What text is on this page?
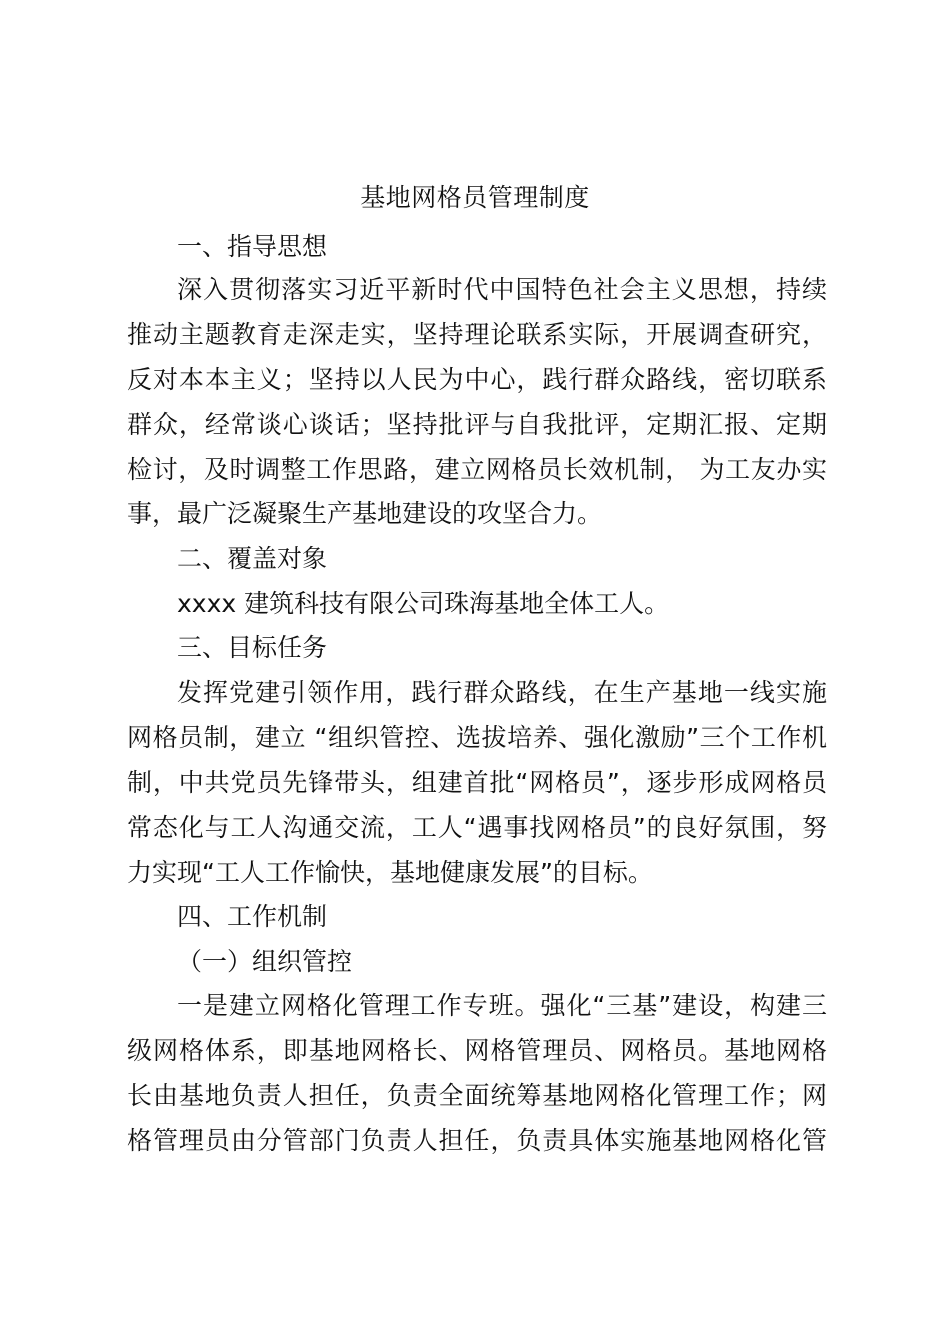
基地网格员管理制度
一、指导思想
深入贯彻落实习近平新时代中国特色社会主义思想，持续
推动主题教育走深走实，坚持理论联系实际，开展调查研究，
反对本本主义；坚持以人民为中心，践行群众路线，密切联系
群众，经常谈心谈话；坚持批评与自我批评，定期汇报、定期
检讨，及时调整工作思路，建立网格员长效机制， 为工友办实
事，最广泛凝聚生产基地建设的攻坚合力。
二、覆盖对象
xxxx 建筑科技有限公司珠海基地全体工人。
三、目标任务
发挥党建引领作用，践行群众路线，在生产基地一线实施
网格员制，建立 “组织管控、选拔培养、强化激励”三个工作机
制，中共党员先锋带头，组建首批“网格员”，逐步形成网格员
常态化与工人沟通交流，工人“遇事找网格员”的良好氛围，努
力实现“工人工作愉快，基地健康发展”的目标。
四、工作机制
（一）组织管控
一是建立网格化管理工作专班。强化“三基”建设，构建三
级网格体系，即基地网格长、网格管理员、网格员。基地网格
长由基地负责人担任，负责全面统筹基地网格化管理工作；网
格管理员由分管部门负责人担任，负责具体实施基地网格化管
